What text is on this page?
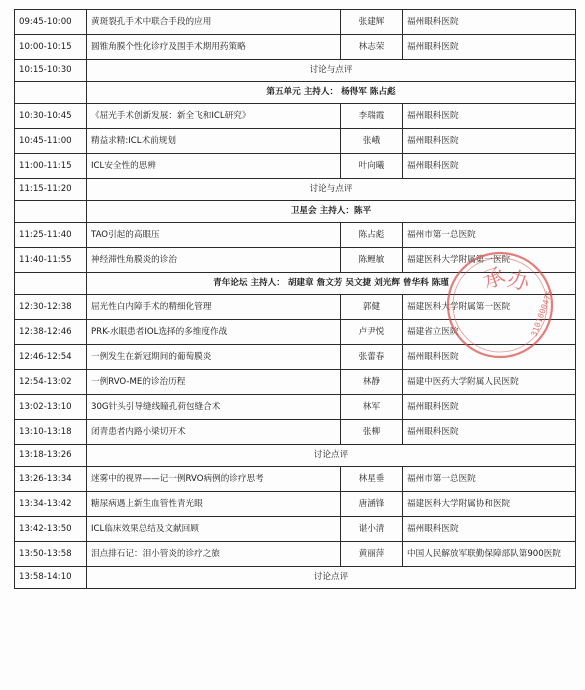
09:45-10:00	黄斑裂孔手术中联合手段的应用	张建辉	福州眼科医院
10:00-10:15	圆锥角膜个性化诊疗及围手术期用药策略	林志荣	福州眼科医院
10:15-10:30	讨论与点评		
	第五单元 主持人： 杨得军 陈占彪		
10:30-10:45	《屈光手术创新发展：新全飞和ICL研究》	李瑞霞	福州眼科医院
10:45-11:00	精益求精:ICL术前规划	张峨	福州眼科医院
11:00-11:15	ICL安全性的思辨	叶向曦	福州眼科医院
11:15-11:20	讨论与点评		
	卫星会 主持人：陈平		
11:25-11:40	TAO引起的高眼压	陈占彪	福州市第一总医院
11:40-11:55	神经滞性角膜炎的诊治	陈鲤敏	福建医科大学附属第一医院
	青年论坛 主持人： 胡建章 詹文芳 吴文捷 刘光辉 曾华科 陈瑾		
12:30-12:38	屈光性白内障手术的精细化管理	郭健	福建医科大学附属第一医院
12:38-12:46	PRK-水眼患者IOL选择的多维度作战	卢尹悦	福建省立医院
12:46-12:54	一例发生在新冠期间的葡萄膜炎	张蕾春	福州眼科医院
12:54-13:02	一例RVO-ME的诊治历程	林静	福建中医药大学附属人民医院
13:02-13:10	30G针头引导缝线瞳孔荷包缝合术	林军	福州眼科医院
13:10-13:18	闭青患者内路小梁切开术	张柳	福州眼科医院
13:18-13:26	讨论点评		
13:26-13:34	迷雾中的视界——记一例RVO病例的诊疗思考	林星垂	福州市第一总医院
13:34-13:42	糖尿病遇上新生血管性青光眼	唐涵锋	福建医科大学附属协和医院
13:42-13:50	ICL临床效果总结及文献回顾	谌小清	福州眼科医院
13:50-13:58	泪点排石记：泪小管炎的诊疗之旅	黄丽萍	中国人民解放军联勤保障部队第900医院
13:58-14:10	讨论点评		
承
办
3101000475
